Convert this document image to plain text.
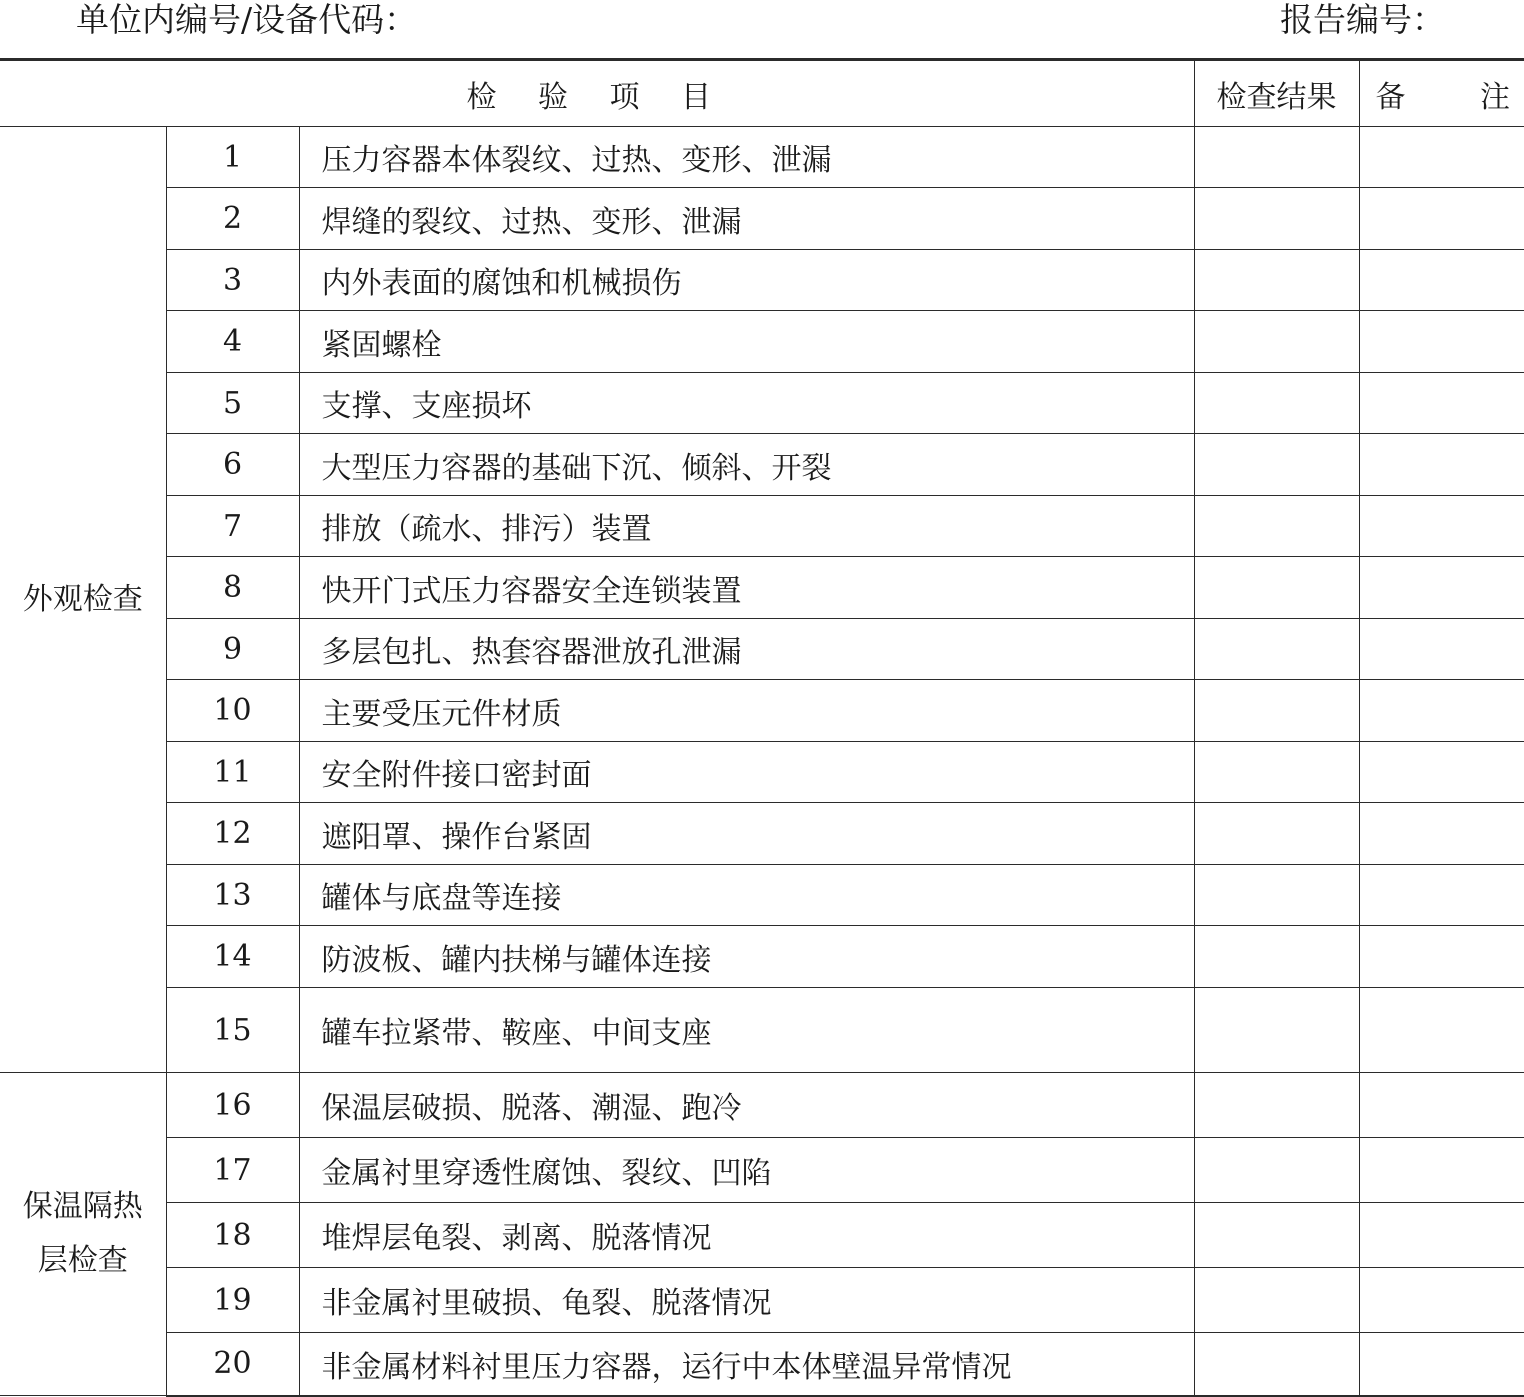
单位内编号/设备代码：	报告编号：
检 验 项 目			检查结果	备 注

外观检查	1	压力容器本体裂纹、过热、变形、泄漏		
	2	焊缝的裂纹、过热、变形、泄漏		
	3	内外表面的腐蚀和机械损伤		
	4	紧固螺栓		
	5	支撑、支座损坏		
	6	大型压力容器的基础下沉、倾斜、开裂		
	7	排放（疏水、排污）装置		
	8	快开门式压力容器安全连锁装置		
	9	多层包扎、热套容器泄放孔泄漏		
	10	主要受压元件材质		
	11	安全附件接口密封面		
	12	遮阳罩、操作台紧固		
	13	罐体与底盘等连接		
	14	防波板、罐内扶梯与罐体连接		
	15	罐车拉紧带、鞍座、中间支座		

保温隔热
层检查	16	保温层破损、脱落、潮湿、跑冷		
	17	金属衬里穿透性腐蚀、裂纹、凹陷		
	18	堆焊层龟裂、剥离、脱落情况		
	19	非金属衬里破损、龟裂、脱落情况		
	20	非金属材料衬里压力容器，运行中本体壁温异常情况		
